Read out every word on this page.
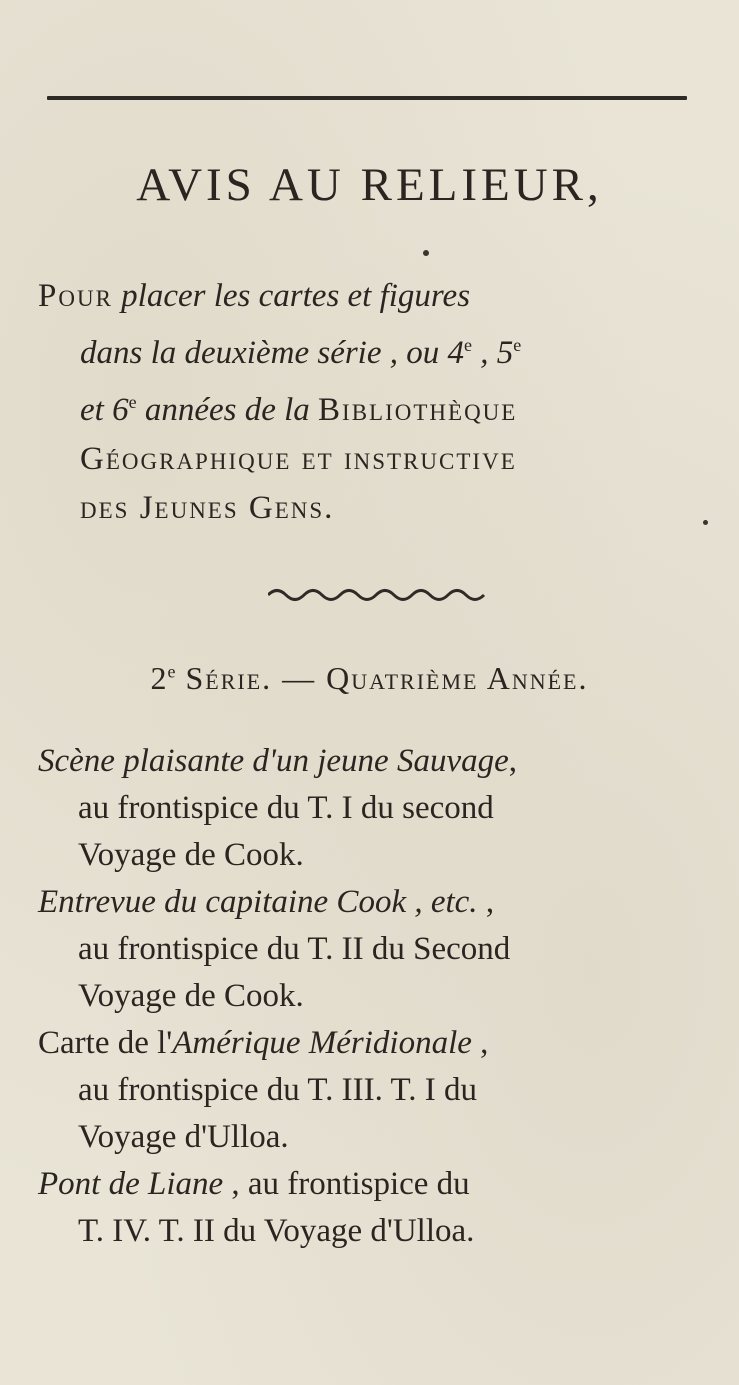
AVIS AU RELIEUR,
Pour placer les cartes et figures
dans la deuxième série , ou 4e , 5e
et 6e années de la Bibliothèque
Géographique et instructive
des Jeunes Gens.
2e Série. — Quatrième Année.
Scène plaisante d'un jeune Sauvage,
au frontispice du T. I du second
Voyage de Cook.
Entrevue du capitaine Cook , etc. ,
au frontispice du T. II du Second
Voyage de Cook.
Carte de l'Amérique Méridionale ,
au frontispice du T. III. T. I du
Voyage d'Ulloa.
Pont de Liane , au frontispice du
T. IV. T. II du Voyage d'Ulloa.
